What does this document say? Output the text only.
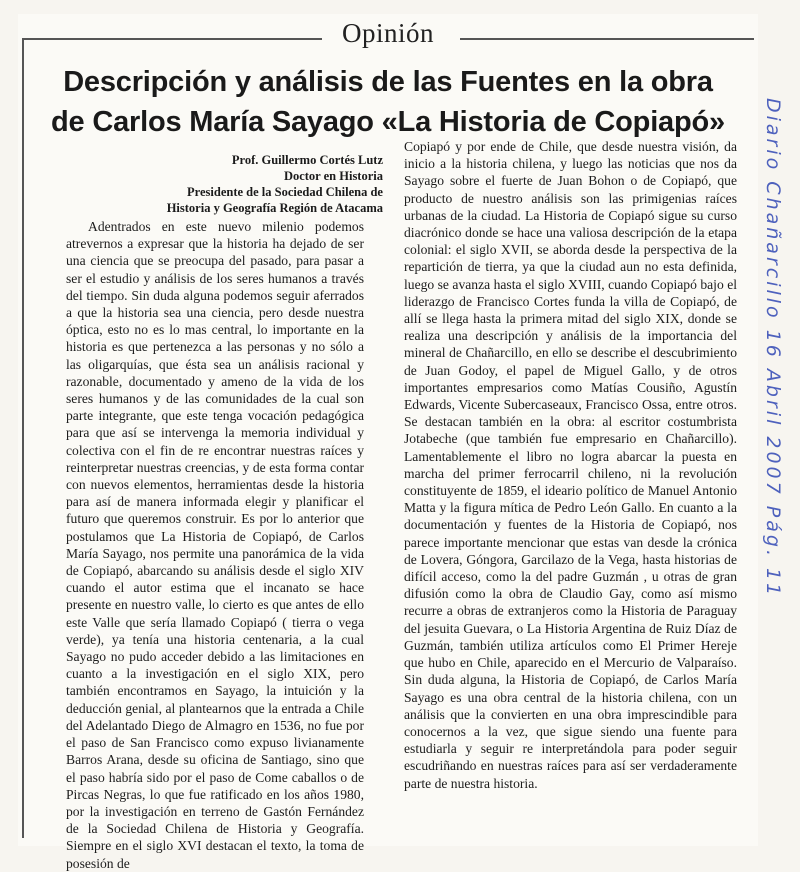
Opinión
Descripción y análisis de las Fuentes en la obra
de Carlos María Sayago «La Historia de Copiapó»
Prof. Guillermo Cortés Lutz
Doctor en Historia
Presidente de la Sociedad Chilena de
Historia y Geografía Región de Atacama

Adentrados en este nuevo milenio podemos atrevernos a expresar que la historia ha dejado de ser una ciencia que se preocupa del pasado, para pasar a ser el estudio y análisis de los seres humanos a través del tiempo. Sin duda alguna podemos seguir aferrados a que la historia sea una ciencia, pero desde nuestra óptica, esto no es lo mas central, lo importante en la historia es que pertenezca a las personas y no sólo a las oligarquías, que ésta sea un análisis racional y razonable, documentado y ameno de la vida de los seres humanos y de las comunidades de la cual son parte integrante, que este tenga vocación pedagógica para que así se intervenga la memoria individual y colectiva con el fin de re encontrar nuestras raíces y reinterpretar nuestras creencias, y de esta forma contar con nuevos elementos, herramientas desde la historia para así de manera informada elegir y planificar el futuro que queremos construir. Es por lo anterior que postulamos que La Historia de Copiapó, de Carlos María Sayago, nos permite una panorámica de la vida de Copiapó, abarcando su análisis desde el siglo XIV cuando el autor estima que el incanato se hace presente en nuestro valle, lo cierto es que antes de ello este Valle que sería llamado Copiapó ( tierra o vega verde), ya tenía una historia centenaria, a la cual Sayago no pudo acceder debido a las limitaciones en cuanto a la investigación en el siglo XIX, pero también encontramos en Sayago, la intuición y la deducción genial, al plantearnos que la entrada a Chile del Adelantado Diego de Almagro en 1536, no fue por el paso de San Francisco como expuso livianamente Barros Arana, desde su oficina de Santiago, sino que el paso habría sido por el paso de Come caballos o de Pircas Negras, lo que fue ratificado en los años 1980, por la investigación en terreno de Gastón Fernández de la Sociedad Chilena de Historia y Geografía. Siempre en el siglo XVI destacan el texto, la toma de posesión de

Copiapó y por ende de Chile, que desde nuestra visión, da inicio a la historia chilena, y luego las noticias que nos da Sayago sobre el fuerte de Juan Bohon o de Copiapó, que producto de nuestro análisis son las primigenias raíces urbanas de la ciudad. La Historia de Copiapó sigue su curso diacrónico donde se hace una valiosa descripción de la etapa colonial: el siglo XVII, se aborda desde la perspectiva de la repartición de tierra, ya que la ciudad aun no esta definida, luego se avanza hasta el siglo XVIII, cuando Copiapó bajo el liderazgo de Francisco Cortes funda la villa de Copiapó, de allí se llega hasta la primera mitad del siglo XIX, donde se realiza una descripción y análisis de la importancia del mineral de Chañarcillo, en ello se describe el descubrimiento de Juan Godoy, el papel de Miguel Gallo, y de otros importantes empresarios como Matías Cousiño, Agustín Edwards, Vicente Subercaseaux, Francisco Ossa, entre otros. Se destacan también en la obra: al escritor costumbrista Jotabeche (que también fue empresario en Chañarcillo). Lamentablemente el libro no logra abarcar la puesta en marcha del primer ferrocarril chileno, ni la revolución constituyente de 1859, el ideario político de Manuel Antonio Matta y la figura mítica de Pedro León Gallo. En cuanto a la documentación y fuentes de la Historia de Copiapó, nos parece importante mencionar que estas van desde la crónica de Lovera, Góngora, Garcilazo de la Vega, hasta historias de difícil acceso, como la del padre Guzmán , u otras de gran difusión como la obra de Claudio Gay, como así mismo recurre a obras de extranjeros como la Historia de Paraguay del jesuita Guevara, o La Historia Argentina de Ruiz Díaz de Guzmán, también utiliza artículos como El Primer Hereje que hubo en Chile, aparecido en el Mercurio de Valparaíso. Sin duda alguna, la Historia de Copiapó, de Carlos María Sayago es una obra central de la historia chilena, con un análisis que la convierten en una obra imprescindible para conocernos a la vez, que sigue siendo una fuente para estudiarla y seguir re interpretándola para poder seguir escudriñando en nuestras raíces para así ser verdaderamente parte de nuestra historia.

Diario Chañarcillo 16 Abril 2007 Pág. 11
